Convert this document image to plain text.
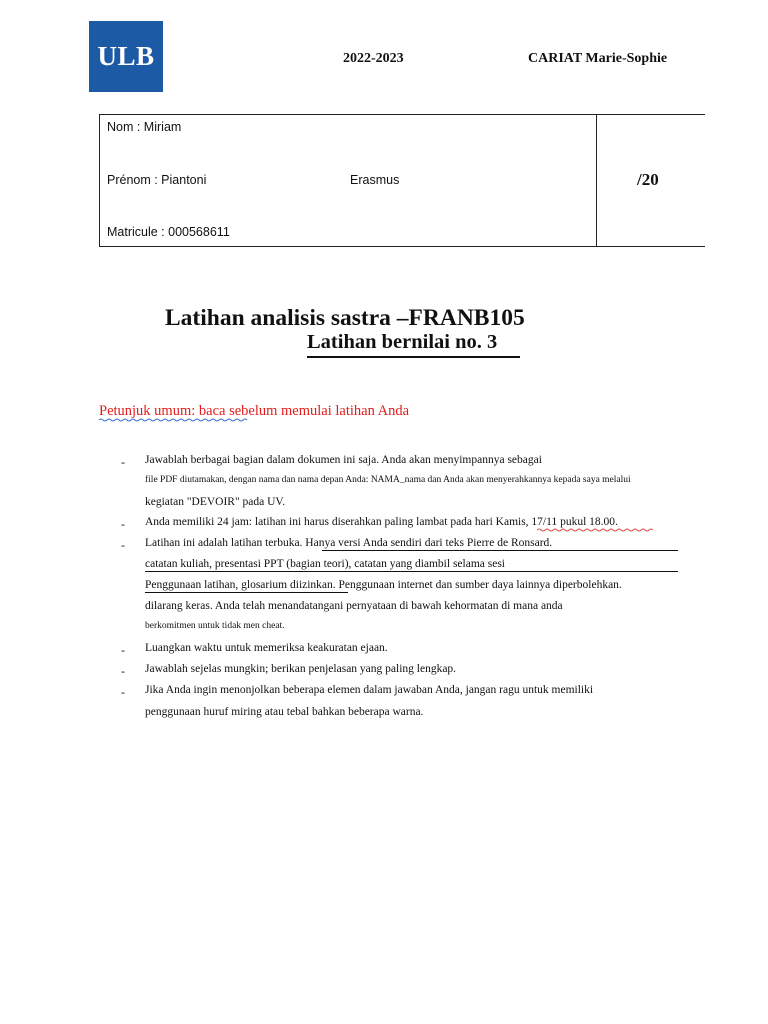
ULB	2022-2023	CARIAT Marie-Sophie
Nom : Miriam
Prénom : Piantoni	Erasmus
Matricule : 000568611
/20
Latihan analisis sastra –FRANB105
Latihan bernilai no. 3
Petunjuk umum: baca sebelum memulai latihan Anda
- Jawablah berbagai bagian dalam dokumen ini saja. Anda akan menyimpannya sebagai
file PDF diutamakan, dengan nama dan nama depan Anda: NAMA_nama dan Anda akan menyerahkannya kepada saya melalui
kegiatan "DEVOIR" pada UV.
- Anda memiliki 24 jam: latihan ini harus diserahkan paling lambat pada hari Kamis, 17/11 pukul 18.00.
- Latihan ini adalah latihan terbuka. Hanya versi Anda sendiri dari teks Pierre de Ronsard.
catatan kuliah, presentasi PPT (bagian teori), catatan yang diambil selama sesi
Penggunaan latihan, glosarium diizinkan. Penggunaan internet dan sumber daya lainnya diperbolehkan.
dilarang keras. Anda telah menandatangani pernyataan di bawah kehormatan di mana anda
berkomitmen untuk tidak men cheat.
- Luangkan waktu untuk memeriksa keakuratan ejaan.
- Jawablah sejelas mungkin; berikan penjelasan yang paling lengkap.
- Jika Anda ingin menonjolkan beberapa elemen dalam jawaban Anda, jangan ragu untuk memiliki
penggunaan huruf miring atau tebal bahkan beberapa warna.
